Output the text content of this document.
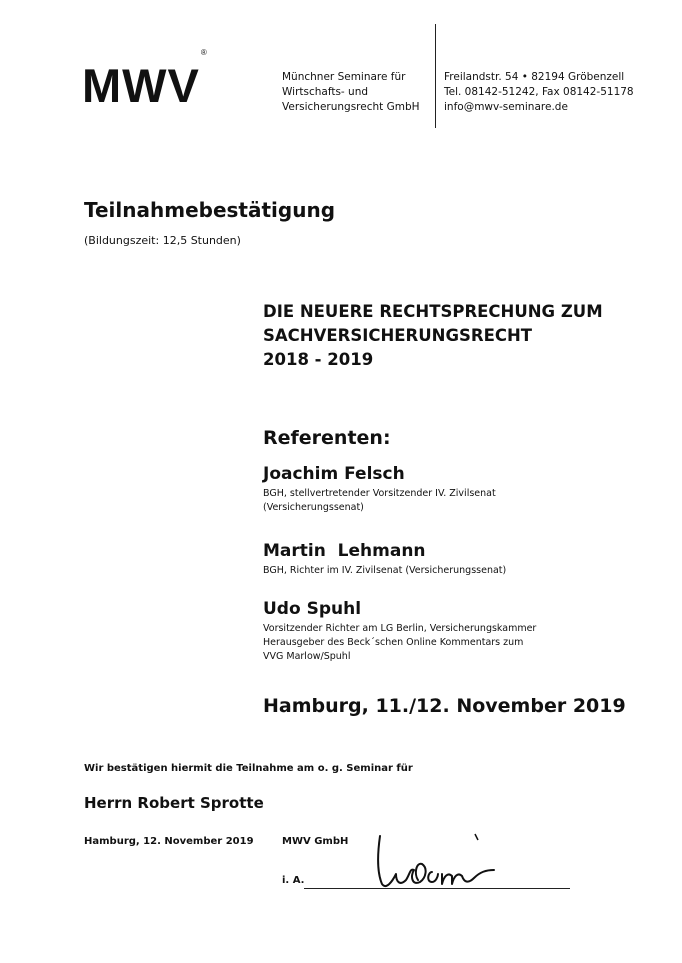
MWV®
Münchner Seminare für
Wirtschafts- und
Versicherungsrecht GmbH
Freilandstr. 54 • 82194 Gröbenzell
Tel. 08142-51242, Fax 08142-51178
info@mwv-seminare.de
Teilnahmebestätigung
(Bildungszeit: 12,5 Stunden)
DIE NEUERE RECHTSPRECHUNG ZUM
SACHVERSICHERUNGSRECHT
2018 - 2019
Referenten:
Joachim Felsch
BGH, stellvertretender Vorsitzender IV. Zivilsenat
(Versicherungssenat)
Martin  Lehmann
BGH, Richter im IV. Zivilsenat (Versicherungssenat)
Udo Spuhl
Vorsitzender Richter am LG Berlin, Versicherungskammer
Herausgeber des Beck´schen Online Kommentars zum
VVG Marlow/Spuhl
Hamburg, 11./12. November 2019
Wir bestätigen hiermit die Teilnahme am o. g. Seminar für
Herrn Robert Sprotte
Hamburg, 12. November 2019	MWV GmbH
i. A.
